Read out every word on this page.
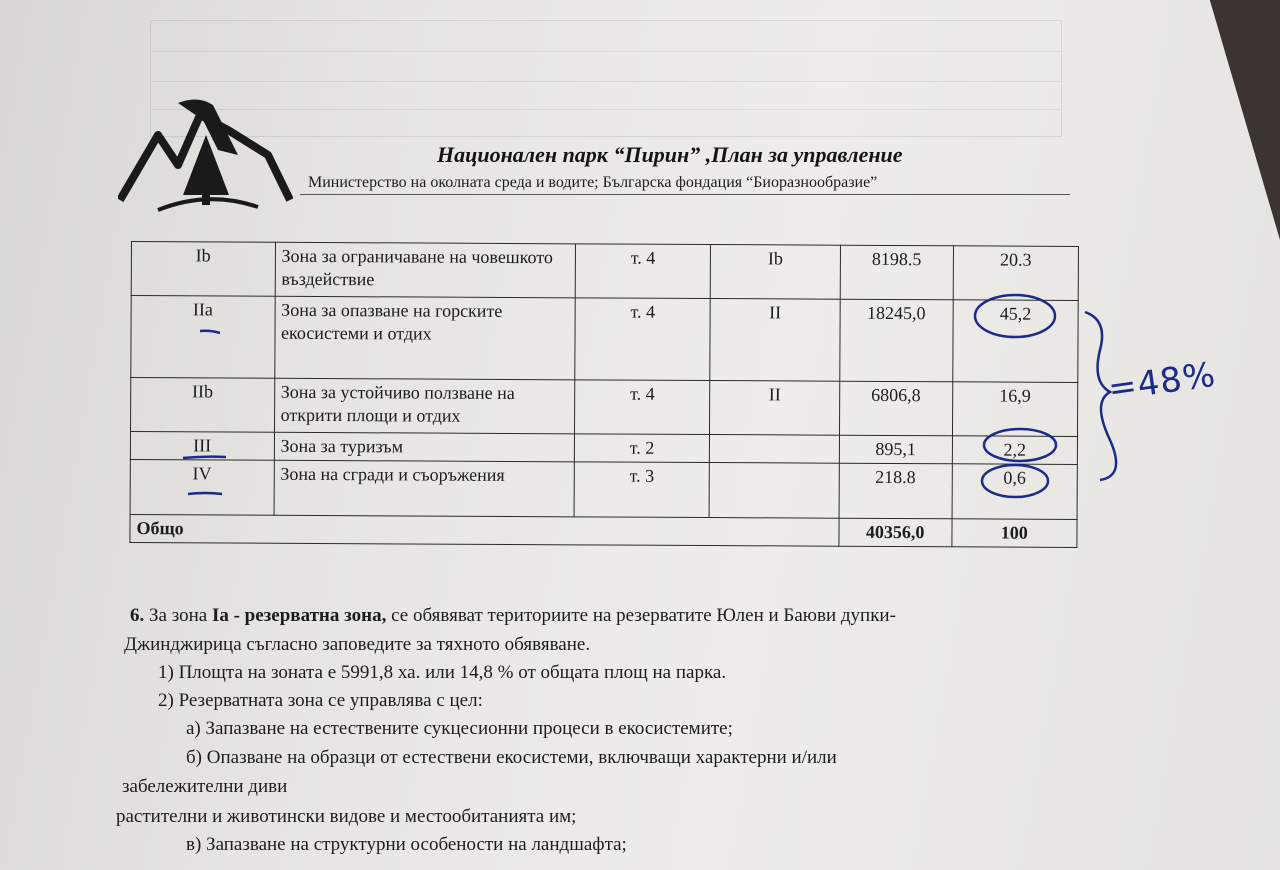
Национален парк “Пирин” ,План за управление
Министерство на околната среда и водите; Българска фондация “Биоразнообразие”
Ib	Зона за ограничаване на човешкото въздействие	т. 4	Ib	8198.5	20.3
IIa	Зона за опазване на горските екосистеми и отдих	т. 4	II	18245,0	45,2
IIb	Зона за устойчиво ползване на открити площи и отдих	т. 4	II	6806,8	16,9
III	Зона за туризъм	т. 2		895,1	2,2
IV	Зона на сгради и съоръжения	т. 3		218.8	0,6
Общо				40356,0	100
=48%
6. За зона Ia - резерватна зона, се обявяват териториите на резерватите Юлен и Баюви дупки-
Джинджирица съгласно заповедите за тяхното обявяване.
1) Площта на зоната е 5991,8 ха. или 14,8 % от общата площ на парка.
2) Резерватната зона се управлява с цел:
а) Запазване на естествените сукцесионни процеси в екосистемите;
б) Опазване на образци от естествени екосистеми, включващи характерни и/или
забележителни диви
растителни и животински видове и местообитанията им;
в) Запазване на структурни особености на ландшафта;
